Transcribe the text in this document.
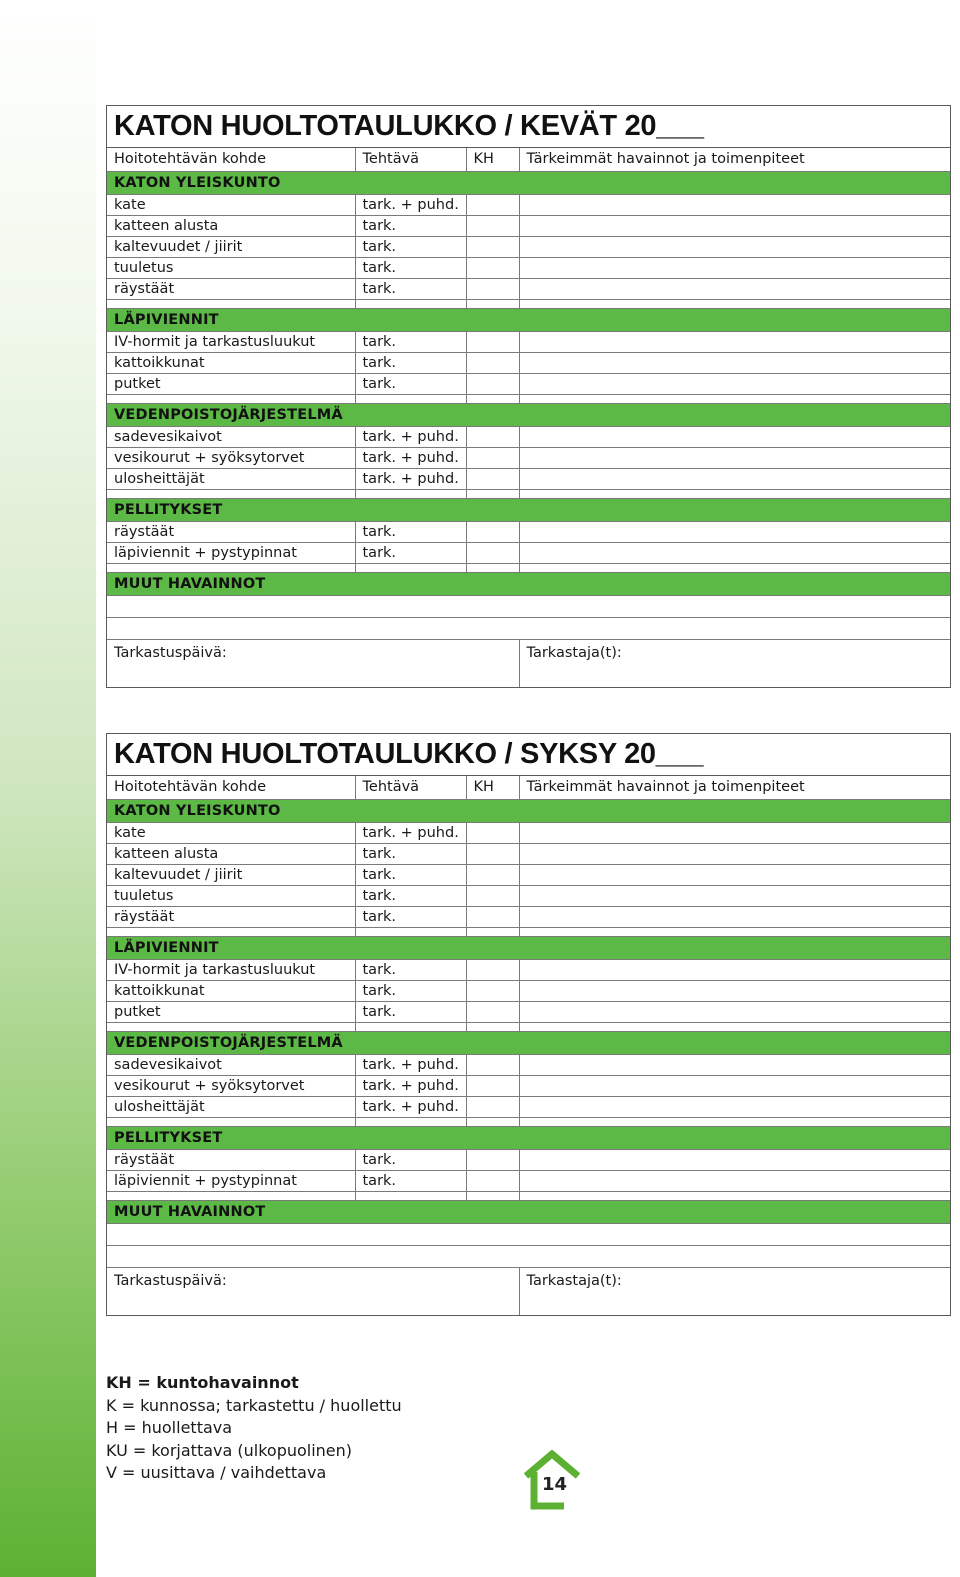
KATON HUOLTOTAULUKKO / KEVÄT 20___
Hoitotehtävän kohde	Tehtävä	KH	Tärkeimmät havainnot ja toimenpiteet
KATON YLEISKUNTO			
kate	tark. + puhd.		
katteen alusta	tark.		
kaltevuudet / jiirit	tark.		
tuuletus	tark.		
räystäät	tark.		

LÄPIVIENNIT			
IV-hormit ja tarkastusluukut	tark.		
kattoikkunat	tark.		
putket	tark.		

VEDENPOISTOJÄRJESTELMÄ			
sadevesikaivot	tark. + puhd.		
vesikourut + syöksytorvet	tark. + puhd.		
ulosheittäjät	tark. + puhd.		

PELLITYKSET			
räystäät	tark.		
läpiviennit + pystypinnat	tark.		

MUUT HAVAINNOT			

Tarkastuspäivä:			Tarkastaja(t):
KATON HUOLTOTAULUKKO / SYKSY 20___
Hoitotehtävän kohde	Tehtävä	KH	Tärkeimmät havainnot ja toimenpiteet
KATON YLEISKUNTO			
kate	tark. + puhd.		
katteen alusta	tark.		
kaltevuudet / jiirit	tark.		
tuuletus	tark.		
räystäät	tark.		

LÄPIVIENNIT			
IV-hormit ja tarkastusluukut	tark.		
kattoikkunat	tark.		
putket	tark.		

VEDENPOISTOJÄRJESTELMÄ			
sadevesikaivot	tark. + puhd.		
vesikourut + syöksytorvet	tark. + puhd.		
ulosheittäjät	tark. + puhd.		

PELLITYKSET			
räystäät	tark.		
läpiviennit + pystypinnat	tark.		

MUUT HAVAINNOT			

Tarkastuspäivä:			Tarkastaja(t):
KH = kuntohavainnot
K = kunnossa; tarkastettu / huollettu
H = huollettava
KU = korjattava (ulkopuolinen)
V = uusittava / vaihdettava
14
